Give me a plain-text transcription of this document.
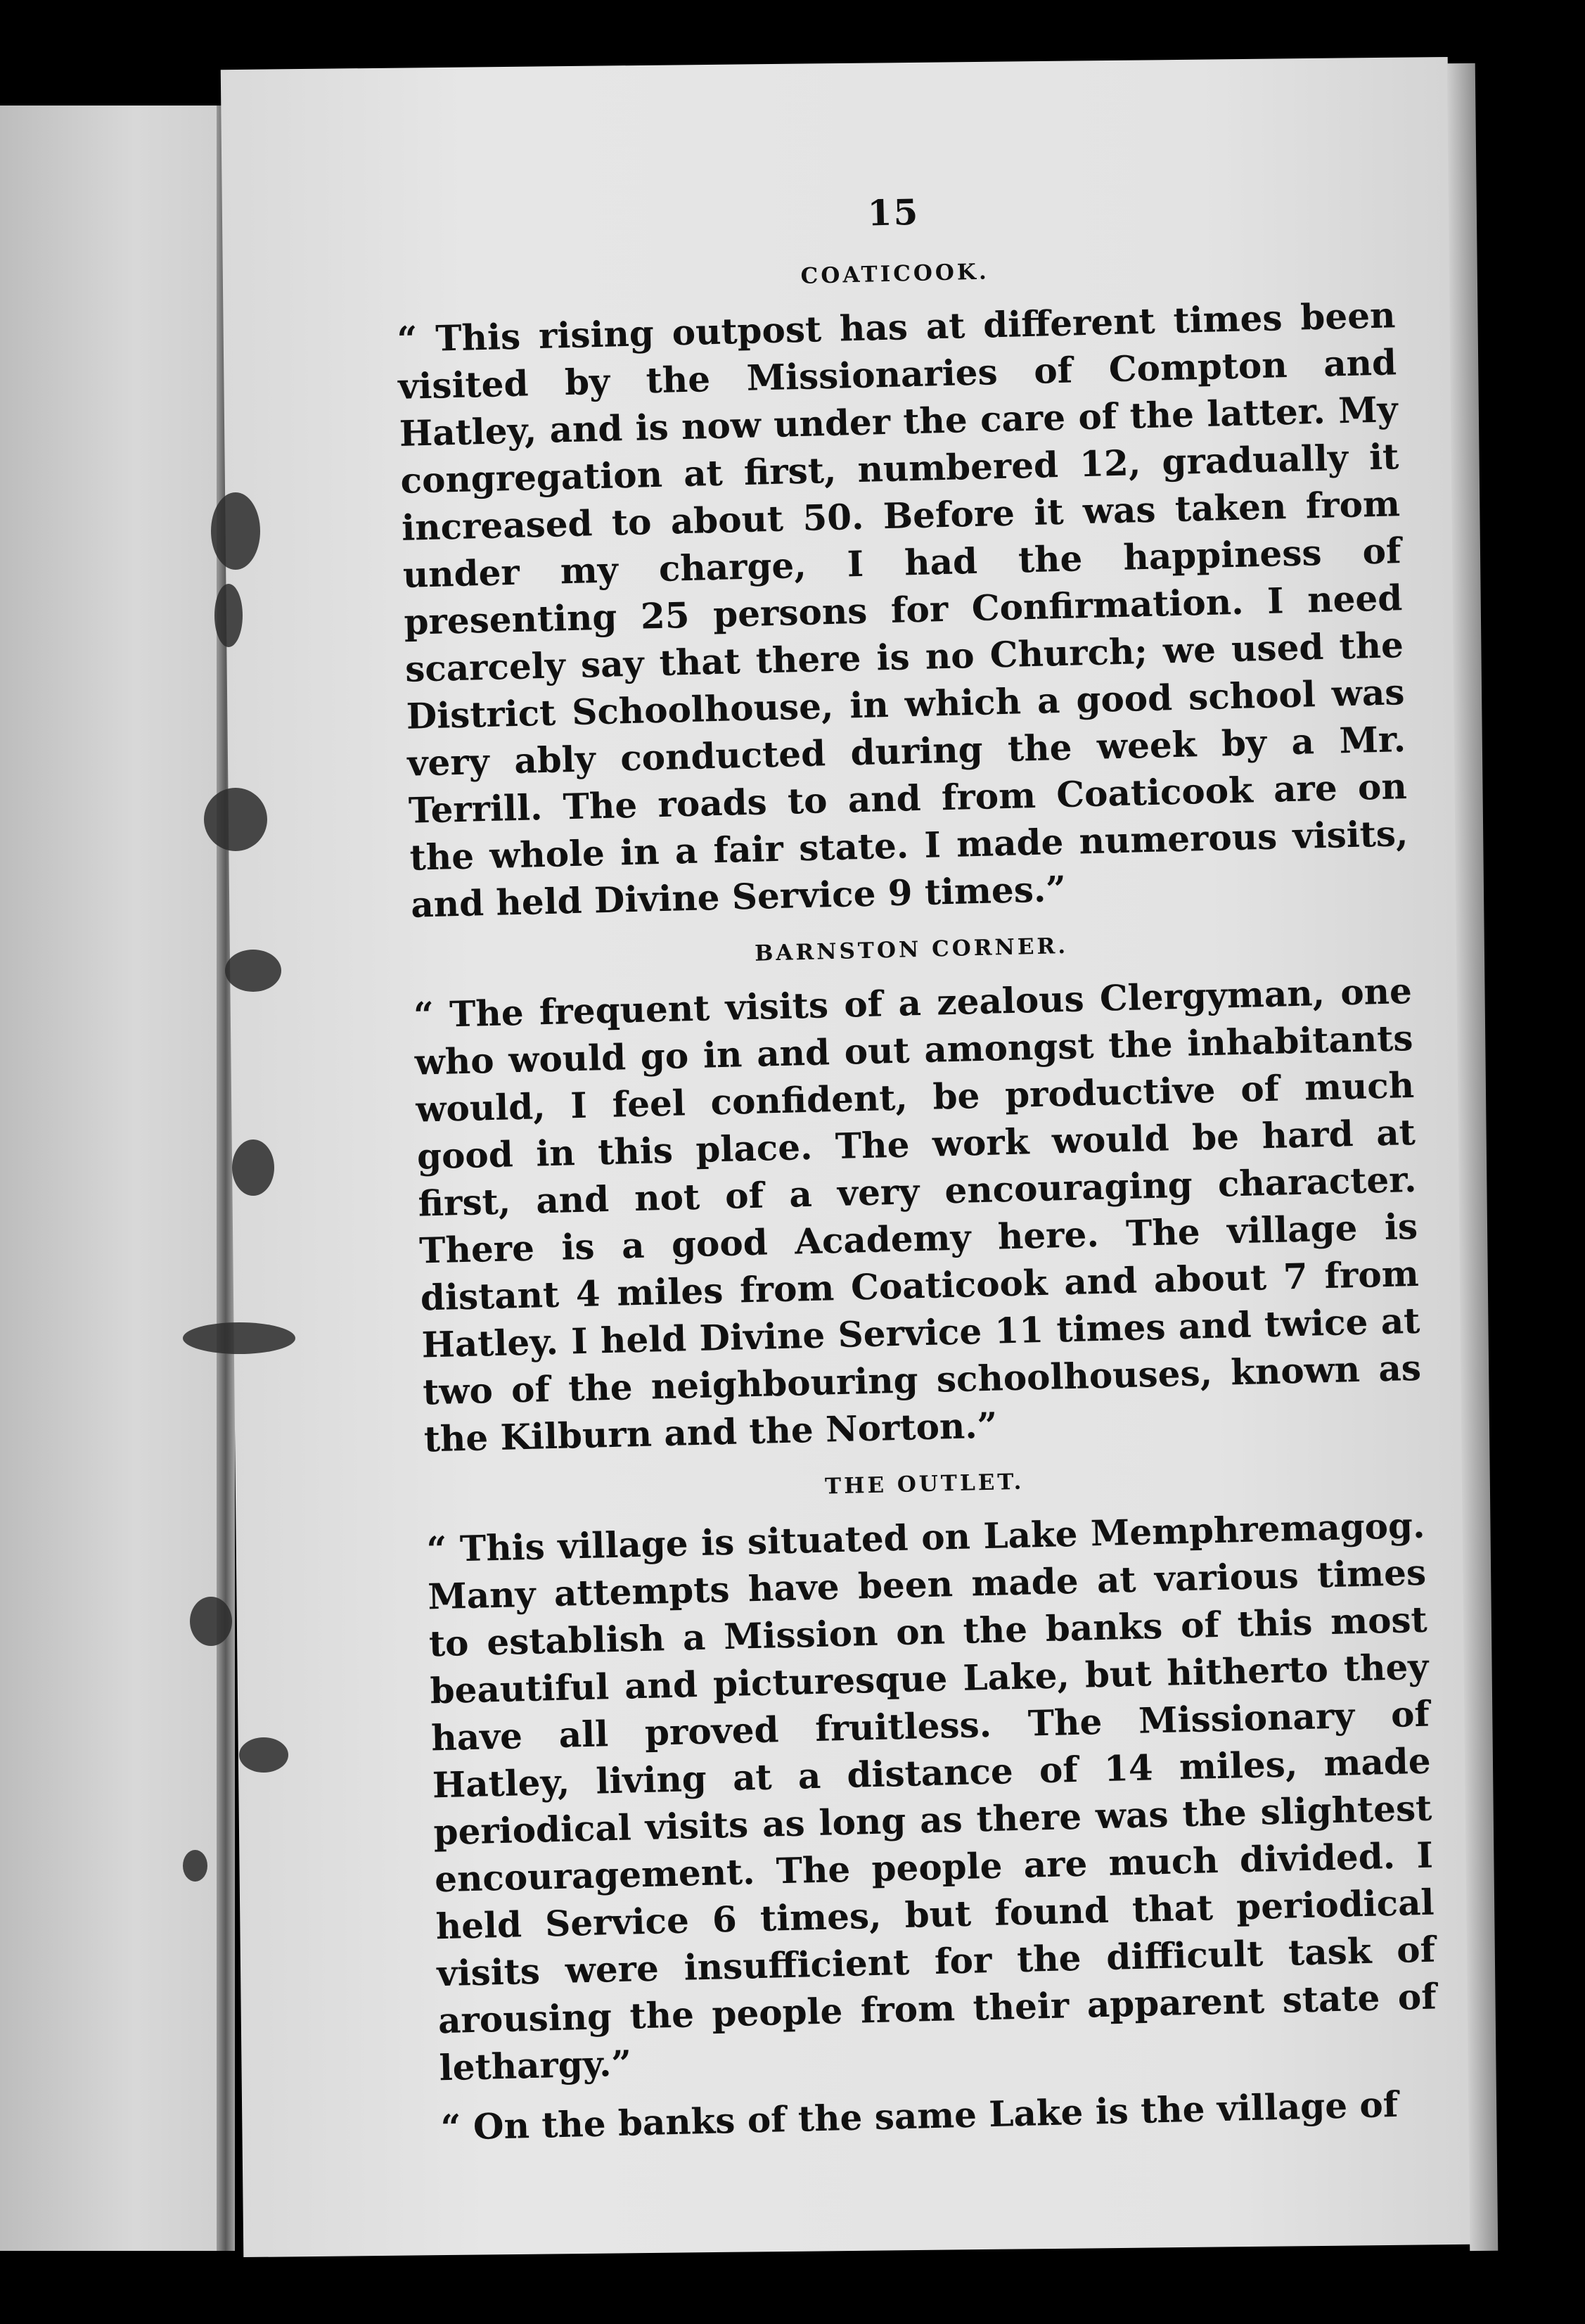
15
COATICOOK.

“ This rising outpost has at different times been visited by the Missionaries of Compton and Hatley, and is now under the care of the latter. My congregation at first, numbered 12, gradually it increased to about 50. Before it was taken from under my charge, I had the happiness of presenting 25 persons for Confirmation. I need scarcely say that there is no Church; we used the District Schoolhouse, in which a good school was very ably conducted during the week by a Mr. Terrill. The roads to and from Coaticook are on the whole in a fair state. I made numerous visits, and held Divine Service 9 times.”

BARNSTON CORNER.

“ The frequent visits of a zealous Clergyman, one who would go in and out amongst the inhabitants would, I feel confident, be productive of much good in this place. The work would be hard at first, and not of a very encouraging character. There is a good Academy here. The village is distant 4 miles from Coaticook and about 7 from Hatley. I held Divine Service 11 times and twice at two of the neighbouring schoolhouses, known as the Kilburn and the Norton.”

THE OUTLET.

“ This village is situated on Lake Memphremagog. Many attempts have been made at various times to establish a Mission on the banks of this most beautiful and picturesque Lake, but hitherto they have all proved fruitless. The Missionary of Hatley, living at a distance of 14 miles, made periodical visits as long as there was the slightest encouragement. The people are much divided. I held Service 6 times, but found that periodical visits were insufficient for the difficult task of arousing the people from their apparent state of lethargy.”

“ On the banks of the same Lake is the village of
